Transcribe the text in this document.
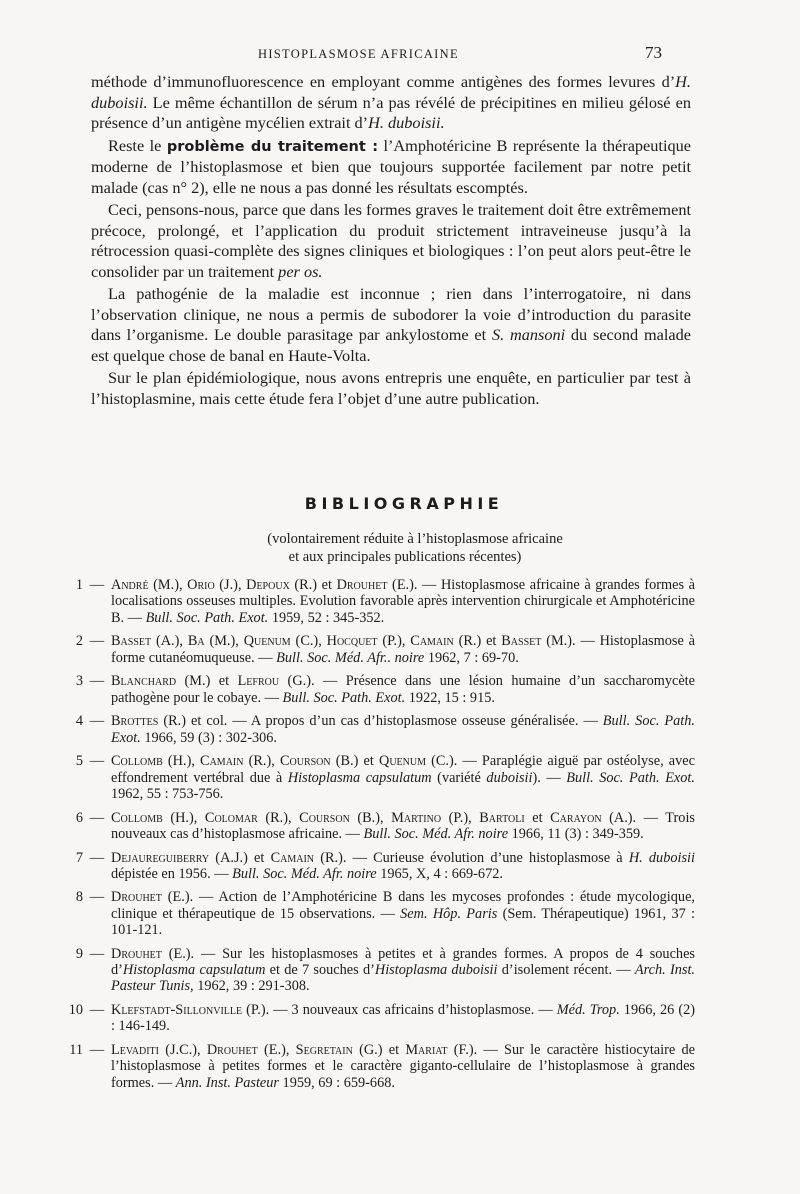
HISTOPLASMOSE AFRICAINE	73

méthode d’immunofluorescence en employant comme antigènes des formes levures d’H. duboisii. Le même échantillon de sérum n’a pas révélé de précipitines en milieu gélosé en présence d’un antigène mycélien extrait d’H. duboisii.

Reste le problème du traitement : l’Amphotéricine B représente la thérapeutique moderne de l’histoplasmose et bien que toujours supportée facilement par notre petit malade (cas n° 2), elle ne nous a pas donné les résultats escomptés.

Ceci, pensons-nous, parce que dans les formes graves le traitement doit être extrêmement précoce, prolongé, et l’application du produit strictement intraveineuse jusqu’à la rétrocession quasi-complète des signes cliniques et biologiques : l’on peut alors peut-être le consolider par un traitement per os.

La pathogénie de la maladie est inconnue ; rien dans l’interrogatoire, ni dans l’observation clinique, ne nous a permis de subodorer la voie d’introduction du parasite dans l’organisme. Le double parasitage par ankylostome et S. mansoni du second malade est quelque chose de banal en Haute-Volta.

Sur le plan épidémiologique, nous avons entrepris une enquête, en particulier par test à l’histoplasmine, mais cette étude fera l’objet d’une autre publication.

BIBLIOGRAPHIE
(volontairement réduite à l’histoplasmose africaine
et aux principales publications récentes)
1 — André (M.), Orio (J.), Depoux (R.) et Drouhet (E.). — Histoplasmose africaine à grandes formes à localisations osseuses multiples. Evolution favorable après intervention chirurgicale et Amphotéricine B. — Bull. Soc. Path. Exot. 1959, 52 : 345-352.
2 — Basset (A.), Ba (M.), Quenum (C.), Hocquet (P.), Camain (R.) et Basset (M.). — Histoplasmose à forme cutanéomuqueuse. — Bull. Soc. Méd. Afr.. noire 1962, 7 : 69-70.
3 — Blanchard (M.) et Lefrou (G.). — Présence dans une lésion humaine d’un saccharomycète pathogène pour le cobaye. — Bull. Soc. Path. Exot. 1922, 15 : 915.
4 — Brottes (R.) et col. — A propos d’un cas d’histoplasmose osseuse généralisée. — Bull. Soc. Path. Exot. 1966, 59 (3) : 302-306.
5 — Collomb (H.), Camain (R.), Courson (B.) et Quenum (C.). — Paraplégie aiguë par ostéolyse, avec effondrement vertébral due à Histoplasma capsulatum (variété duboisii). — Bull. Soc. Path. Exot. 1962, 55 : 753-756.
6 — Collomb (H.), Colomar (R.), Courson (B.), Martino (P.), Bartoli et Carayon (A.). — Trois nouveaux cas d’histoplasmose africaine. — Bull. Soc. Méd. Afr. noire 1966, 11 (3) : 349-359.
7 — Dejaureguiberry (A.J.) et Camain (R.). — Curieuse évolution d’une histoplasmose à H. duboisii dépistée en 1956. — Bull. Soc. Méd. Afr. noire 1965, X, 4 : 669-672.
8 — Drouhet (E.). — Action de l’Amphotéricine B dans les mycoses profondes : étude mycologique, clinique et thérapeutique de 15 observations. — Sem. Hôp. Paris (Sem. Thérapeutique) 1961, 37 : 101-121.
9 — Drouhet (E.). — Sur les histoplasmoses à petites et à grandes formes. A propos de 4 souches d’Histoplasma capsulatum et de 7 souches d’Histoplasma duboisii d’isolement récent. — Arch. Inst. Pasteur Tunis, 1962, 39 : 291-308.
10 — Klefstadt-Sillonville (P.). — 3 nouveaux cas africains d’histoplasmose. — Méd. Trop. 1966, 26 (2) : 146-149.
11 — Levaditi (J.C.), Drouhet (E.), Segretain (G.) et Mariat (F.). — Sur le caractère histiocytaire de l’histoplasmose à petites formes et le caractère giganto-cellulaire de l’histoplasmose à grandes formes. — Ann. Inst. Pasteur 1959, 69 : 659-668.
